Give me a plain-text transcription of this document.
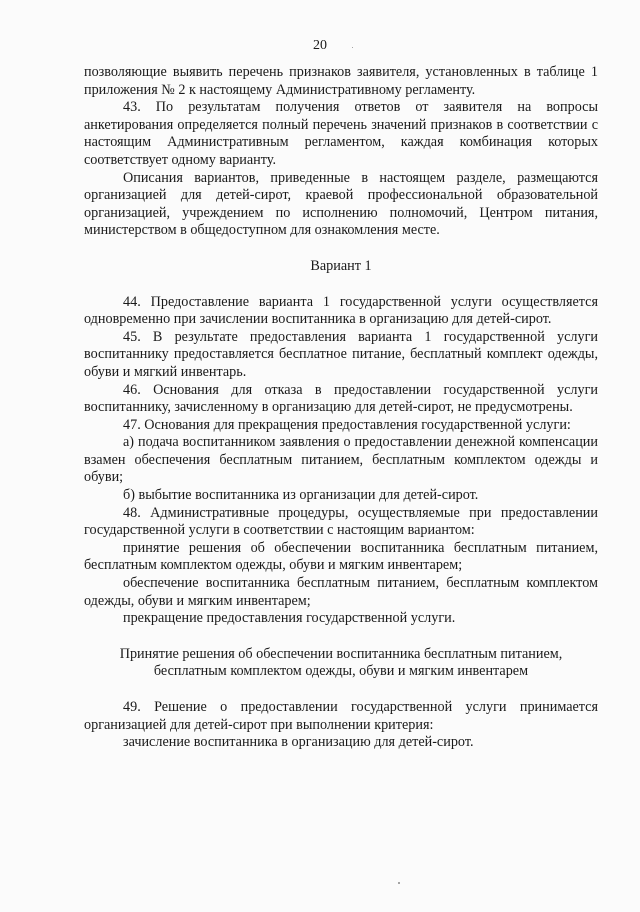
20

позволяющие выявить перечень признаков заявителя, установленных в таблице 1 приложения № 2 к настоящему Административному регламенту.

43. По результатам получения ответов от заявителя на вопросы анкетирования определяется полный перечень значений признаков в соответствии с настоящим Административным регламентом, каждая комбинация которых соответствует одному варианту.

Описания вариантов, приведенные в настоящем разделе, размещаются организацией для детей-сирот, краевой профессиональной образовательной организацией, учреждением по исполнению полномочий, Центром питания, министерством в общедоступном для ознакомления месте.

Вариант 1

44. Предоставление варианта 1 государственной услуги осуществляется одновременно при зачислении воспитанника в организацию для детей-сирот.

45. В результате предоставления варианта 1 государственной услуги воспитаннику предоставляется бесплатное питание, бесплатный комплект одежды, обуви и мягкий инвентарь.

46. Основания для отказа в предоставлении государственной услуги воспитаннику, зачисленному в организацию для детей-сирот, не предусмотрены.

47. Основания для прекращения предоставления государственной услуги:

а) подача воспитанником заявления о предоставлении денежной компенсации взамен обеспечения бесплатным питанием, бесплатным комплектом одежды и обуви;

б) выбытие воспитанника из организации для детей-сирот.

48. Административные процедуры, осуществляемые при предоставлении государственной услуги в соответствии с настоящим вариантом:

принятие решения об обеспечении воспитанника бесплатным питанием, бесплатным комплектом одежды, обуви и мягким инвентарем;

обеспечение воспитанника бесплатным питанием, бесплатным комплектом одежды, обуви и мягким инвентарем;

прекращение предоставления государственной услуги.

Принятие решения об обеспечении воспитанника бесплатным питанием, бесплатным комплектом одежды, обуви и мягким инвентарем

49. Решение о предоставлении государственной услуги принимается организацией для детей-сирот при выполнении критерия:

зачисление воспитанника в организацию для детей-сирот.
